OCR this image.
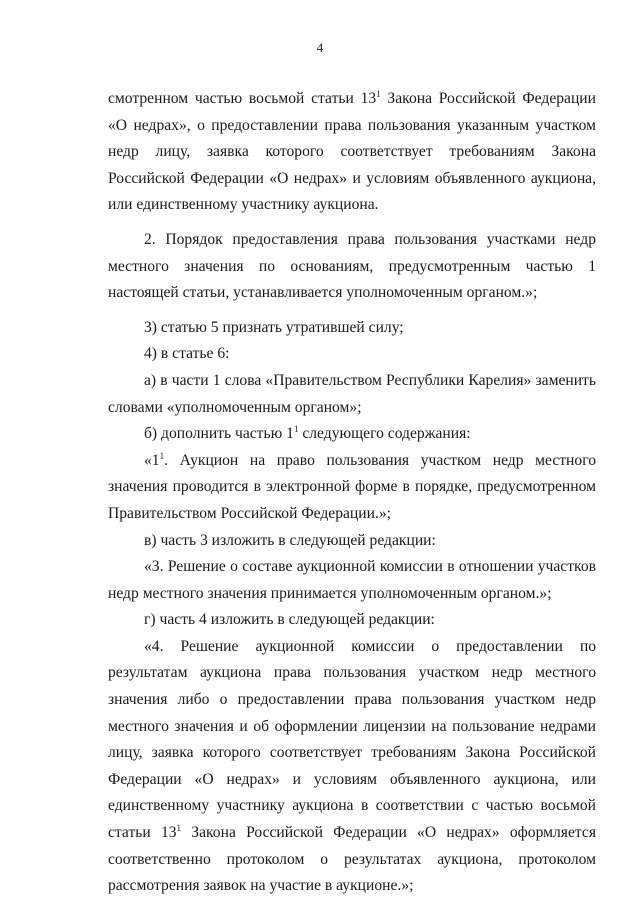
4

смотренном частью восьмой статьи $13^1$ Закона Российской Федерации «О недрах», о предоставлении права пользования указанным участком недр лицу, заявка которого соответствует требованиям Закона Российской Федерации «О недрах» и условиям объявленного аукциона, или единственному участнику аукциона.

2. Порядок предоставления права пользования участками недр местного значения по основаниям, предусмотренным частью 1 настоящей статьи, устанавливается уполномоченным органом.»;

3) статью 5 признать утратившей силу;

4) в статье 6:

а) в части 1 слова «Правительством Республики Карелия» заменить словами «уполномоченным органом»;

б) дополнить частью $1^1$ следующего содержания:

«$1^1$. Аукцион на право пользования участком недр местного значения проводится в электронной форме в порядке, предусмотренном Правительством Российской Федерации.»;

в) часть 3 изложить в следующей редакции:

«3. Решение о составе аукционной комиссии в отношении участков недр местного значения принимается уполномоченным органом.»;

г) часть 4 изложить в следующей редакции:

«4. Решение аукционной комиссии о предоставлении по результатам аукциона права пользования участком недр местного значения либо о предоставлении права пользования участком недр местного значения и об оформлении лицензии на пользование недрами лицу, заявка которого соответствует требованиям Закона Российской Федерации «О недрах» и условиям объявленного аукциона, или единственному участнику аукциона в соответствии с частью восьмой статьи $13^1$ Закона Российской Федерации «О недрах» оформляется соответственно протоколом о результатах аукциона, протоколом рассмотрения заявок на участие в аукционе.»;
